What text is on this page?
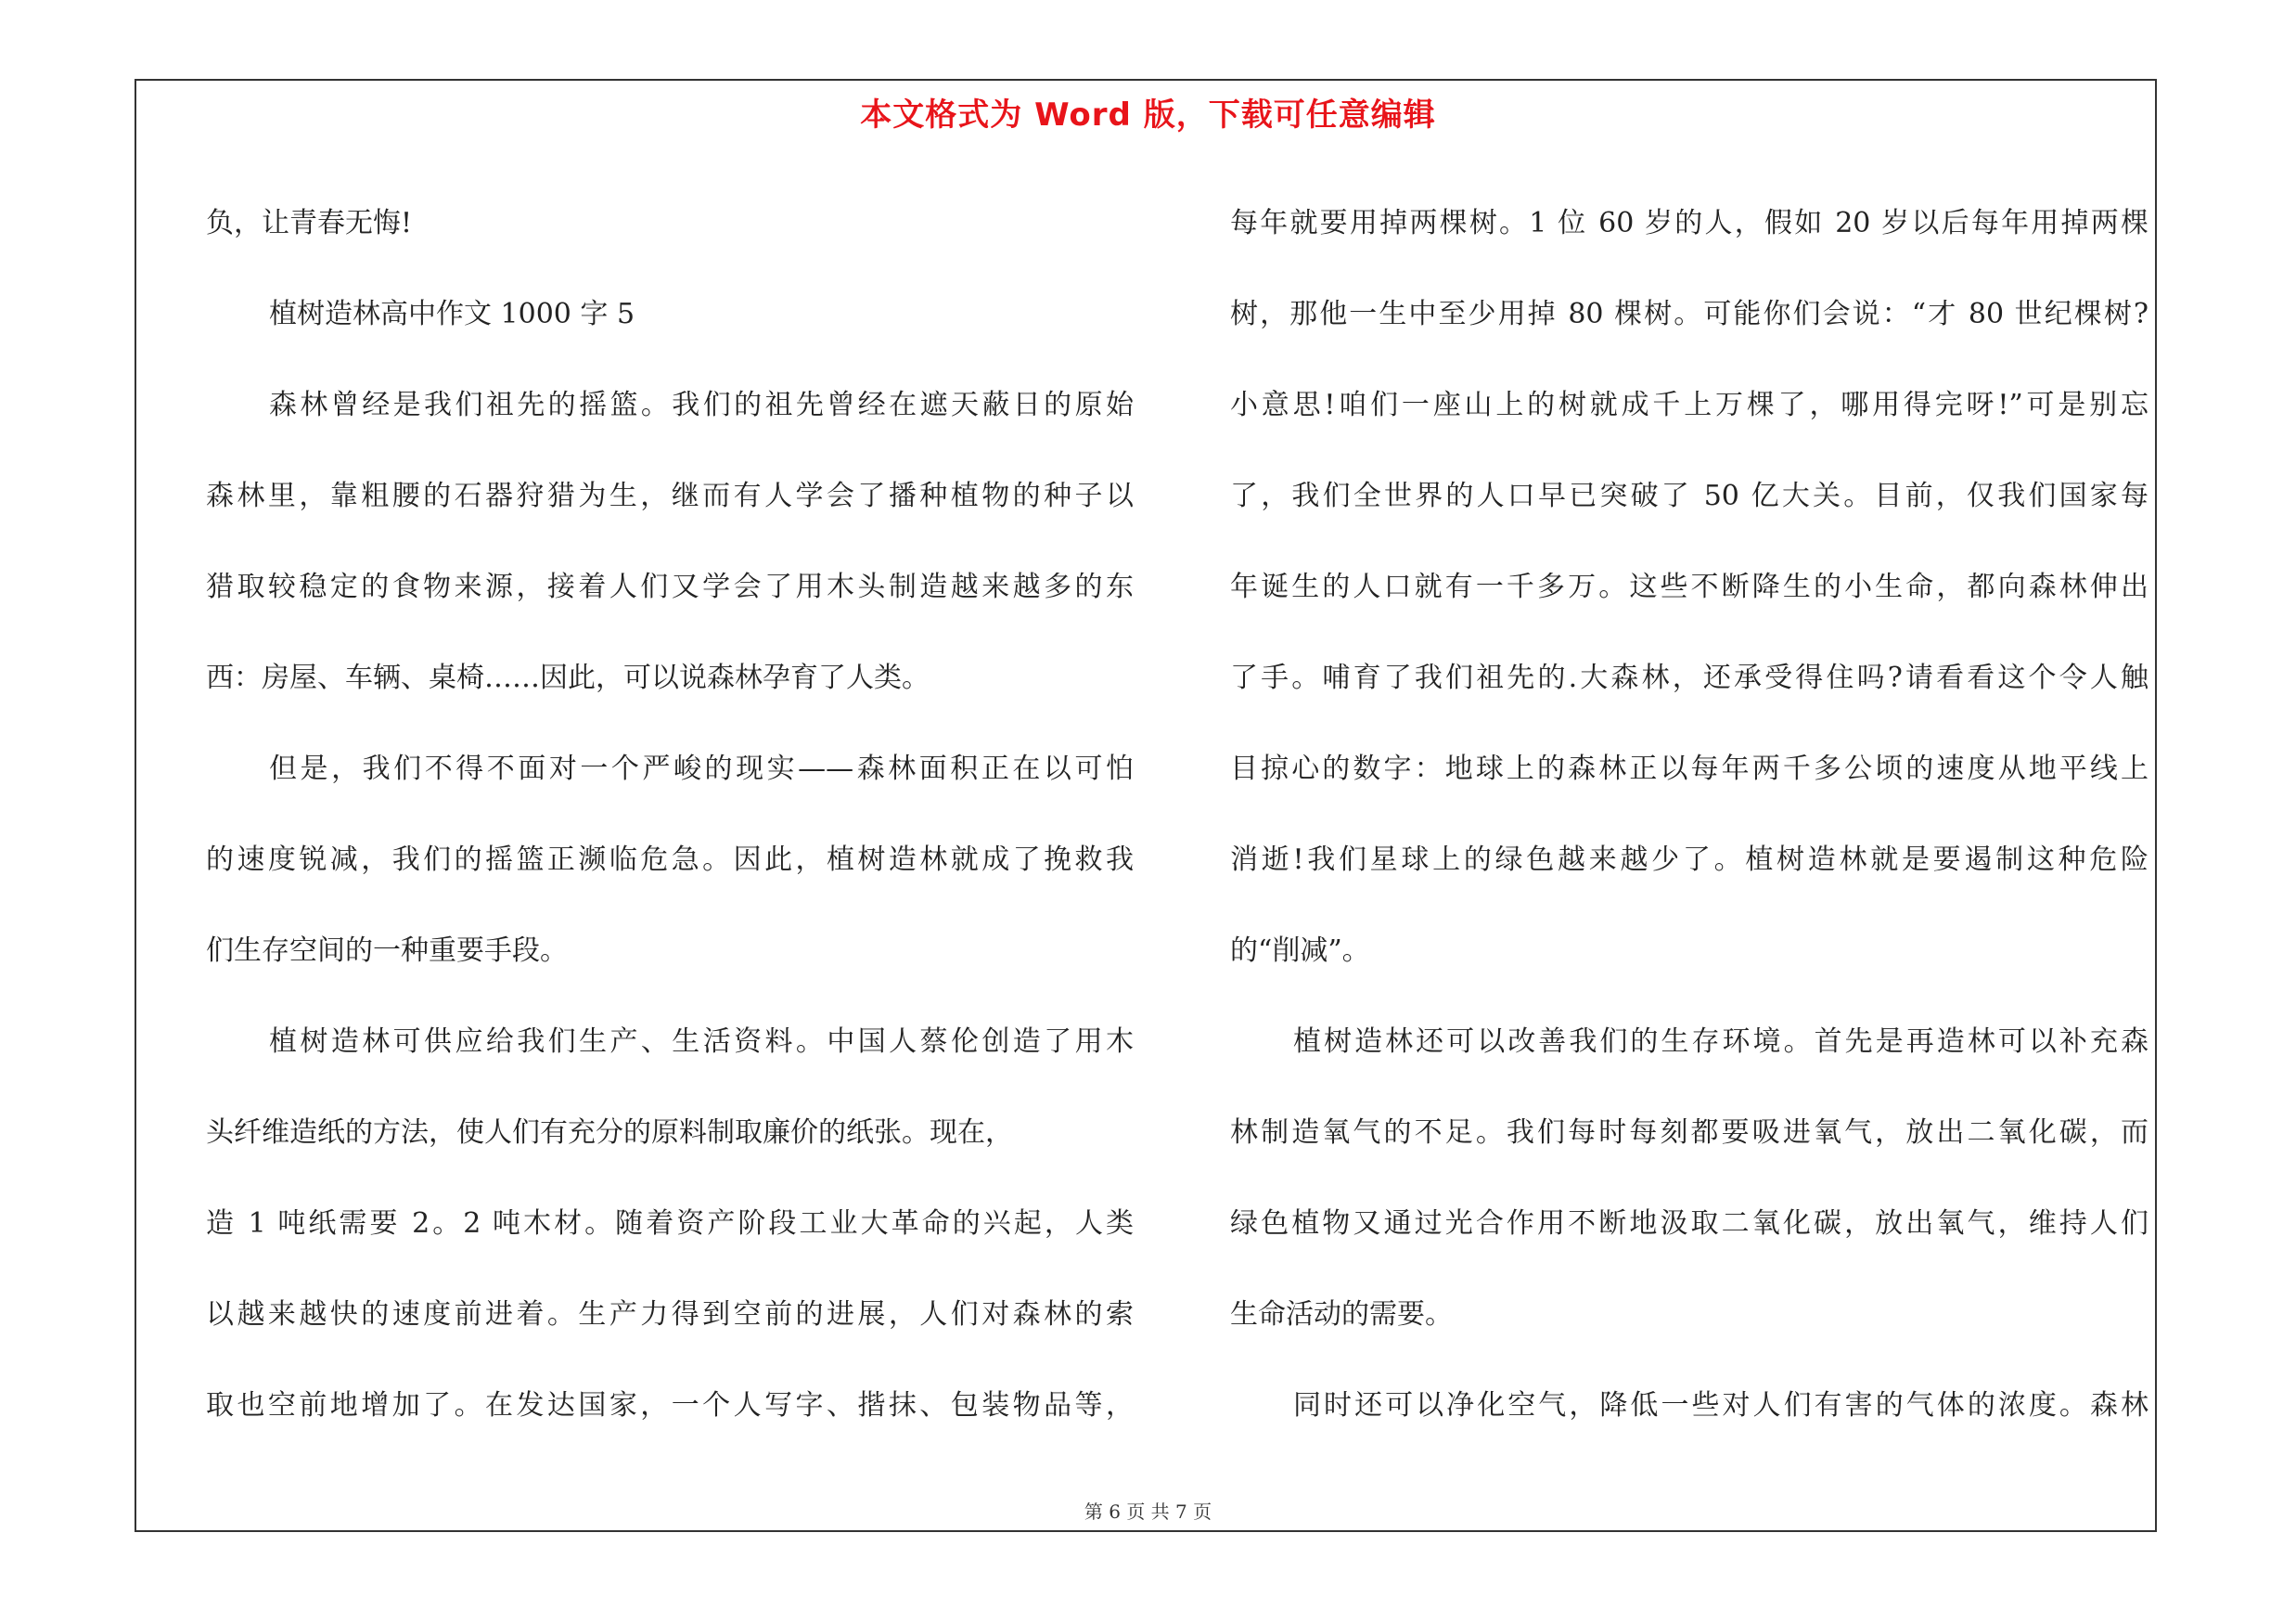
本文格式为 Word 版，下载可任意编辑
负，让青春无悔!
植树造林高中作文 1000 字 5
森林曾经是我们祖先的摇篮。我们的祖先曾经在遮天蔽日的原始
森林里，靠粗腰的石器狩猎为生，继而有人学会了播种植物的种子以
猎取较稳定的食物来源，接着人们又学会了用木头制造越来越多的东
西：房屋、车辆、桌椅……因此，可以说森林孕育了人类。
但是，我们不得不面对一个严峻的现实——森林面积正在以可怕
的速度锐减，我们的摇篮正濒临危急。因此，植树造林就成了挽救我
们生存空间的一种重要手段。
植树造林可供应给我们生产、生活资料。中国人蔡伦创造了用木
头纤维造纸的方法，使人们有充分的原料制取廉价的纸张。现在，
造 1 吨纸需要 2。2 吨木材。随着资产阶段工业大革命的兴起，人类
以越来越快的速度前进着。生产力得到空前的进展，人们对森林的索
取也空前地增加了。在发达国家，一个人写字、揩抹、包装物品等，
每年就要用掉两棵树。1 位 60 岁的人，假如 20 岁以后每年用掉两棵
树，那他一生中至少用掉 80 棵树。可能你们会说：“才 80 世纪棵树?
小意思!咱们一座山上的树就成千上万棵了，哪用得完呀!”可是别忘
了，我们全世界的人口早已突破了 50 亿大关。目前，仅我们国家每
年诞生的人口就有一千多万。这些不断降生的小生命，都向森林伸出
了手。哺育了我们祖先的.大森林，还承受得住吗?请看看这个令人触
目掠心的数字：地球上的森林正以每年两千多公顷的速度从地平线上
消逝!我们星球上的绿色越来越少了。植树造林就是要遏制这种危险
的“削减”。
植树造林还可以改善我们的生存环境。首先是再造林可以补充森
林制造氧气的不足。我们每时每刻都要吸进氧气，放出二氧化碳，而
绿色植物又通过光合作用不断地汲取二氧化碳，放出氧气，维持人们
生命活动的需要。
同时还可以净化空气，降低一些对人们有害的气体的浓度。森林
第 6 页 共 7 页
